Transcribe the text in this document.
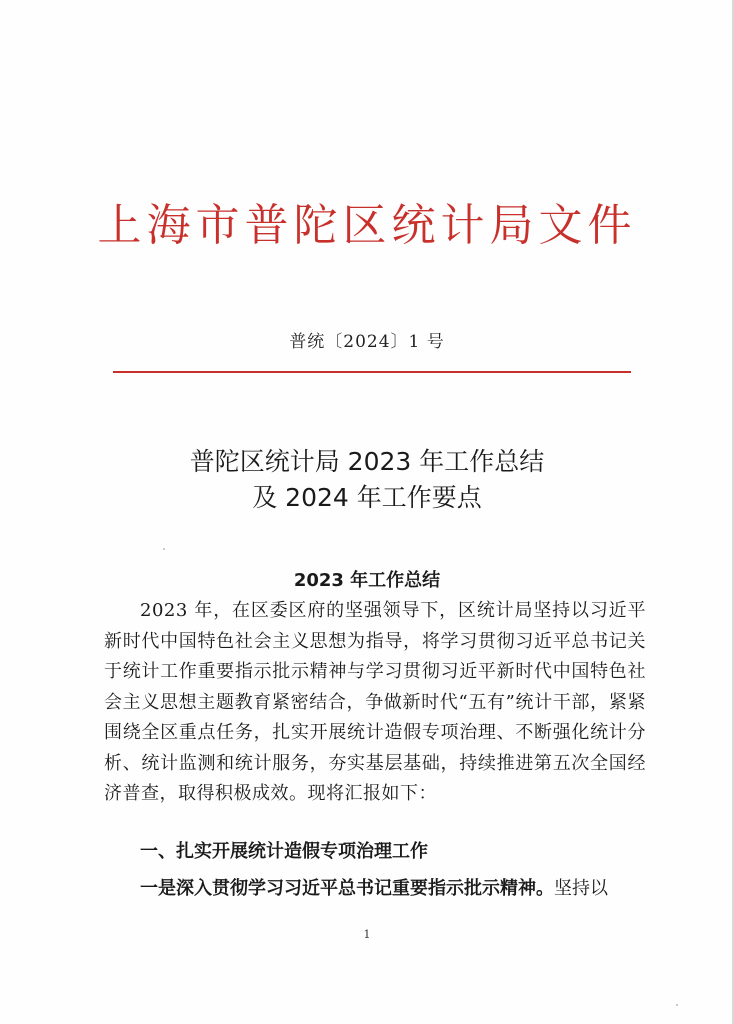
上海市普陀区统计局文件
普统〔2024〕1 号
普陀区统计局 2023 年工作总结
及 2024 年工作要点
2023 年工作总结
2023 年，在区委区府的坚强领导下，区统计局坚持以习近平新时代中国特色社会主义思想为指导，将学习贯彻习近平总书记关于统计工作重要指示批示精神与学习贯彻习近平新时代中国特色社会主义思想主题教育紧密结合，争做新时代“五有”统计干部，紧紧围绕全区重点任务，扎实开展统计造假专项治理、不断强化统计分析、统计监测和统计服务，夯实基层基础，持续推进第五次全国经济普查，取得积极成效。现将汇报如下：
一、扎实开展统计造假专项治理工作
一是深入贯彻学习习近平总书记重要指示批示精神。坚持以
1
